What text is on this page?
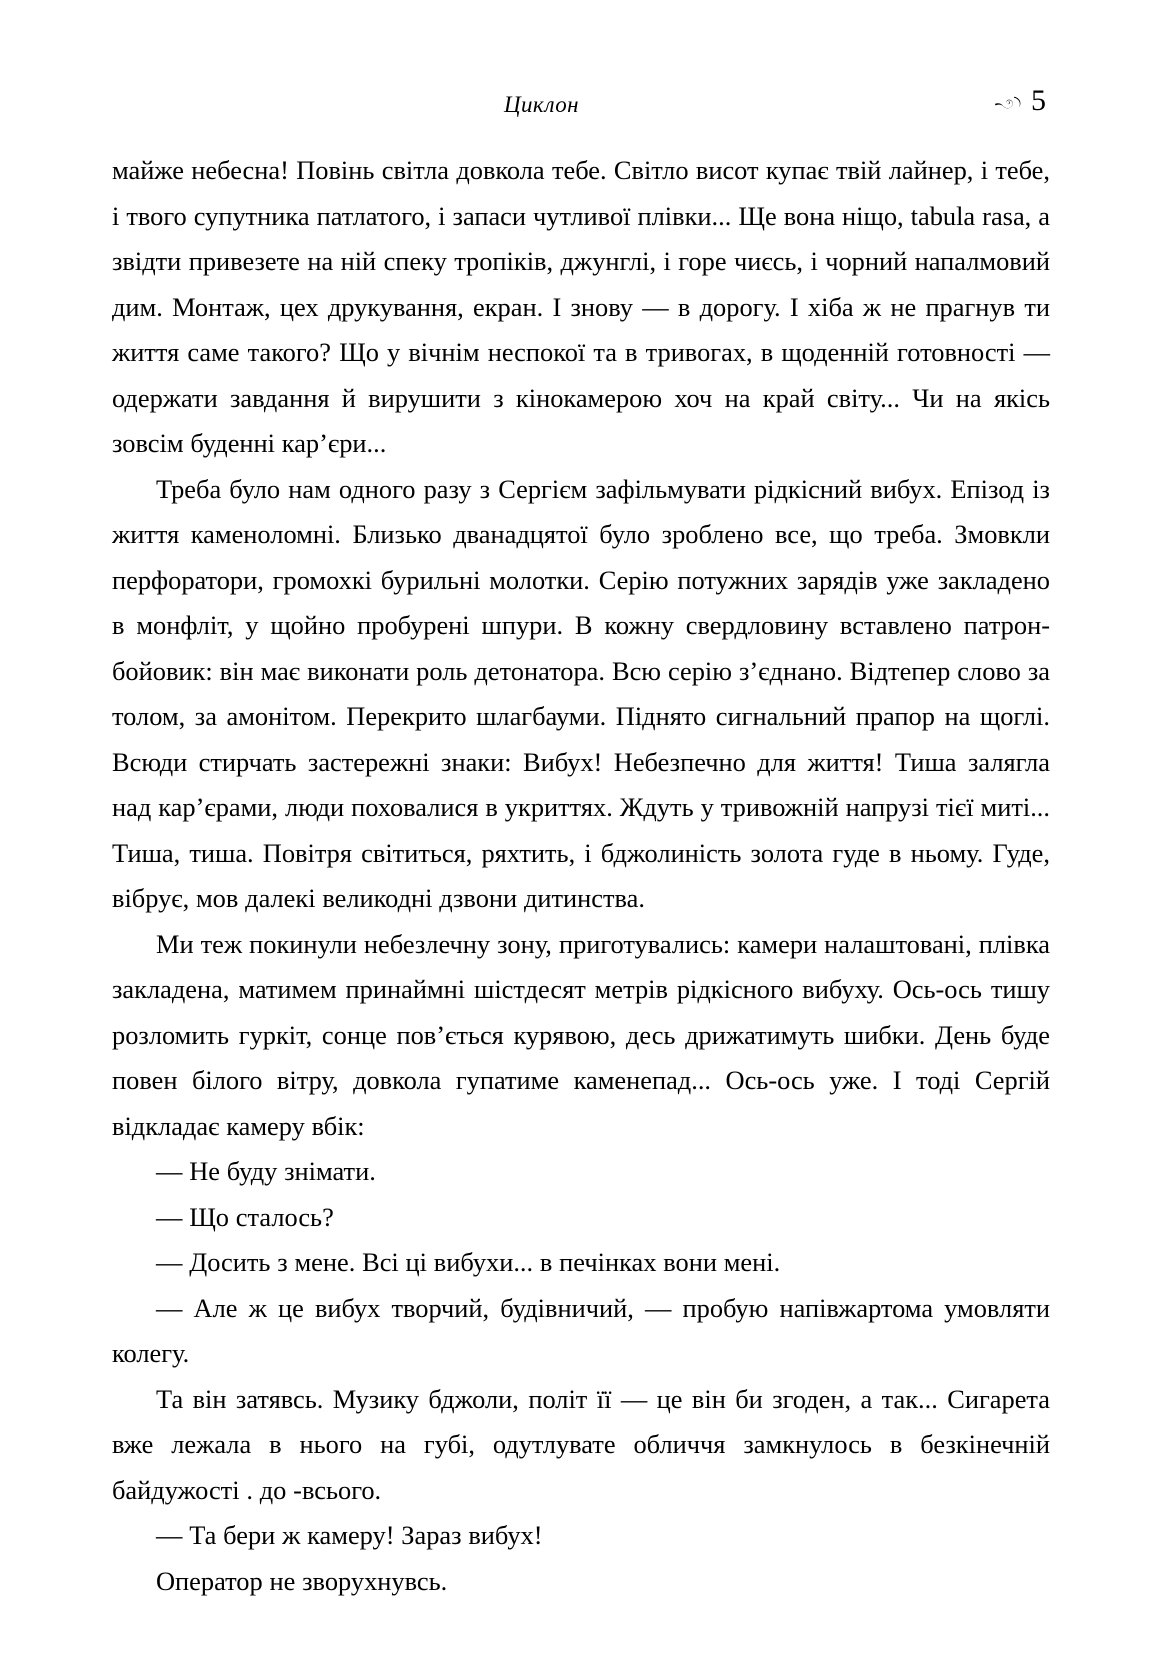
Циклон	5

майже небесна! Повінь світла довкола тебе. Світло висот купає твій лайнер, і тебе, і твого супутника патлатого, і запаси чутливої плівки... Ще вона ніщо, tabula rasa, а звідти привезете на ній спеку тропіків, джунглі, і горе чиєсь, і чорний напалмовий дим. Монтаж, цех друкування, екран. І знову — в дорогу. І хіба ж не прагнув ти життя саме такого? Що у вічнім неспокої та в тривогах, в щоденній готовності — одержати завдання й вирушити з кінокамерою хоч на край світу... Чи на якісь зовсім буденні кар’єри...

Треба було нам одного разу з Сергієм зафільмувати рідкісний вибух. Епізод із життя каменоломні. Близько дванадцятої було зроблено все, що треба. Змовкли перфоратори, громохкі бурильні молотки. Серію потужних зарядів уже закладено в монфліт, у щойно пробурені шпури. В кожну свердловину вставлено патрон-бойовик: він має виконати роль детонатора. Всю серію з’єднано. Відтепер слово за толом, за амонітом. Перекрито шлагбауми. Піднято сигнальний прапор на щоглі. Всюди стирчать застережні знаки: Вибух! Небезпечно для життя! Тиша залягла над кар’єрами, люди поховалися в укриттях. Ждуть у тривожній напрузі тієї миті... Тиша, тиша. Повітря світиться, ряхтить, і бджолиність золота гуде в ньому. Гуде, вібрує, мов далекі великодні дзвони дитинства.

Ми теж покинули небезлечну зону, приготувались: камери налаштовані, плівка закладена, матимем принаймні шістдесят метрів рідкісного вибуху. Ось-ось тишу розломить гуркіт, сонце пов’ється курявою, десь дрижатимуть шибки. День буде повен білого вітру, довкола гупатиме каменепад... Ось-ось уже. І тоді Сергій відкладає камеру вбік:

— Не буду знімати.

— Що сталось?

— Досить з мене. Всі ці вибухи... в печінках вони мені.

— Але ж це вибух творчий, будівничий, — пробую напівжартома умовляти колегу.

Та він затявсь. Музику бджоли, політ її — це він би згоден, а так... Сигарета вже лежала в нього на губі, одутлувате обличчя замкнулось в безкінечній байдужості . до -всього.

— Та бери ж камеру! Зараз вибух!

Оператор не зворухнувсь.
